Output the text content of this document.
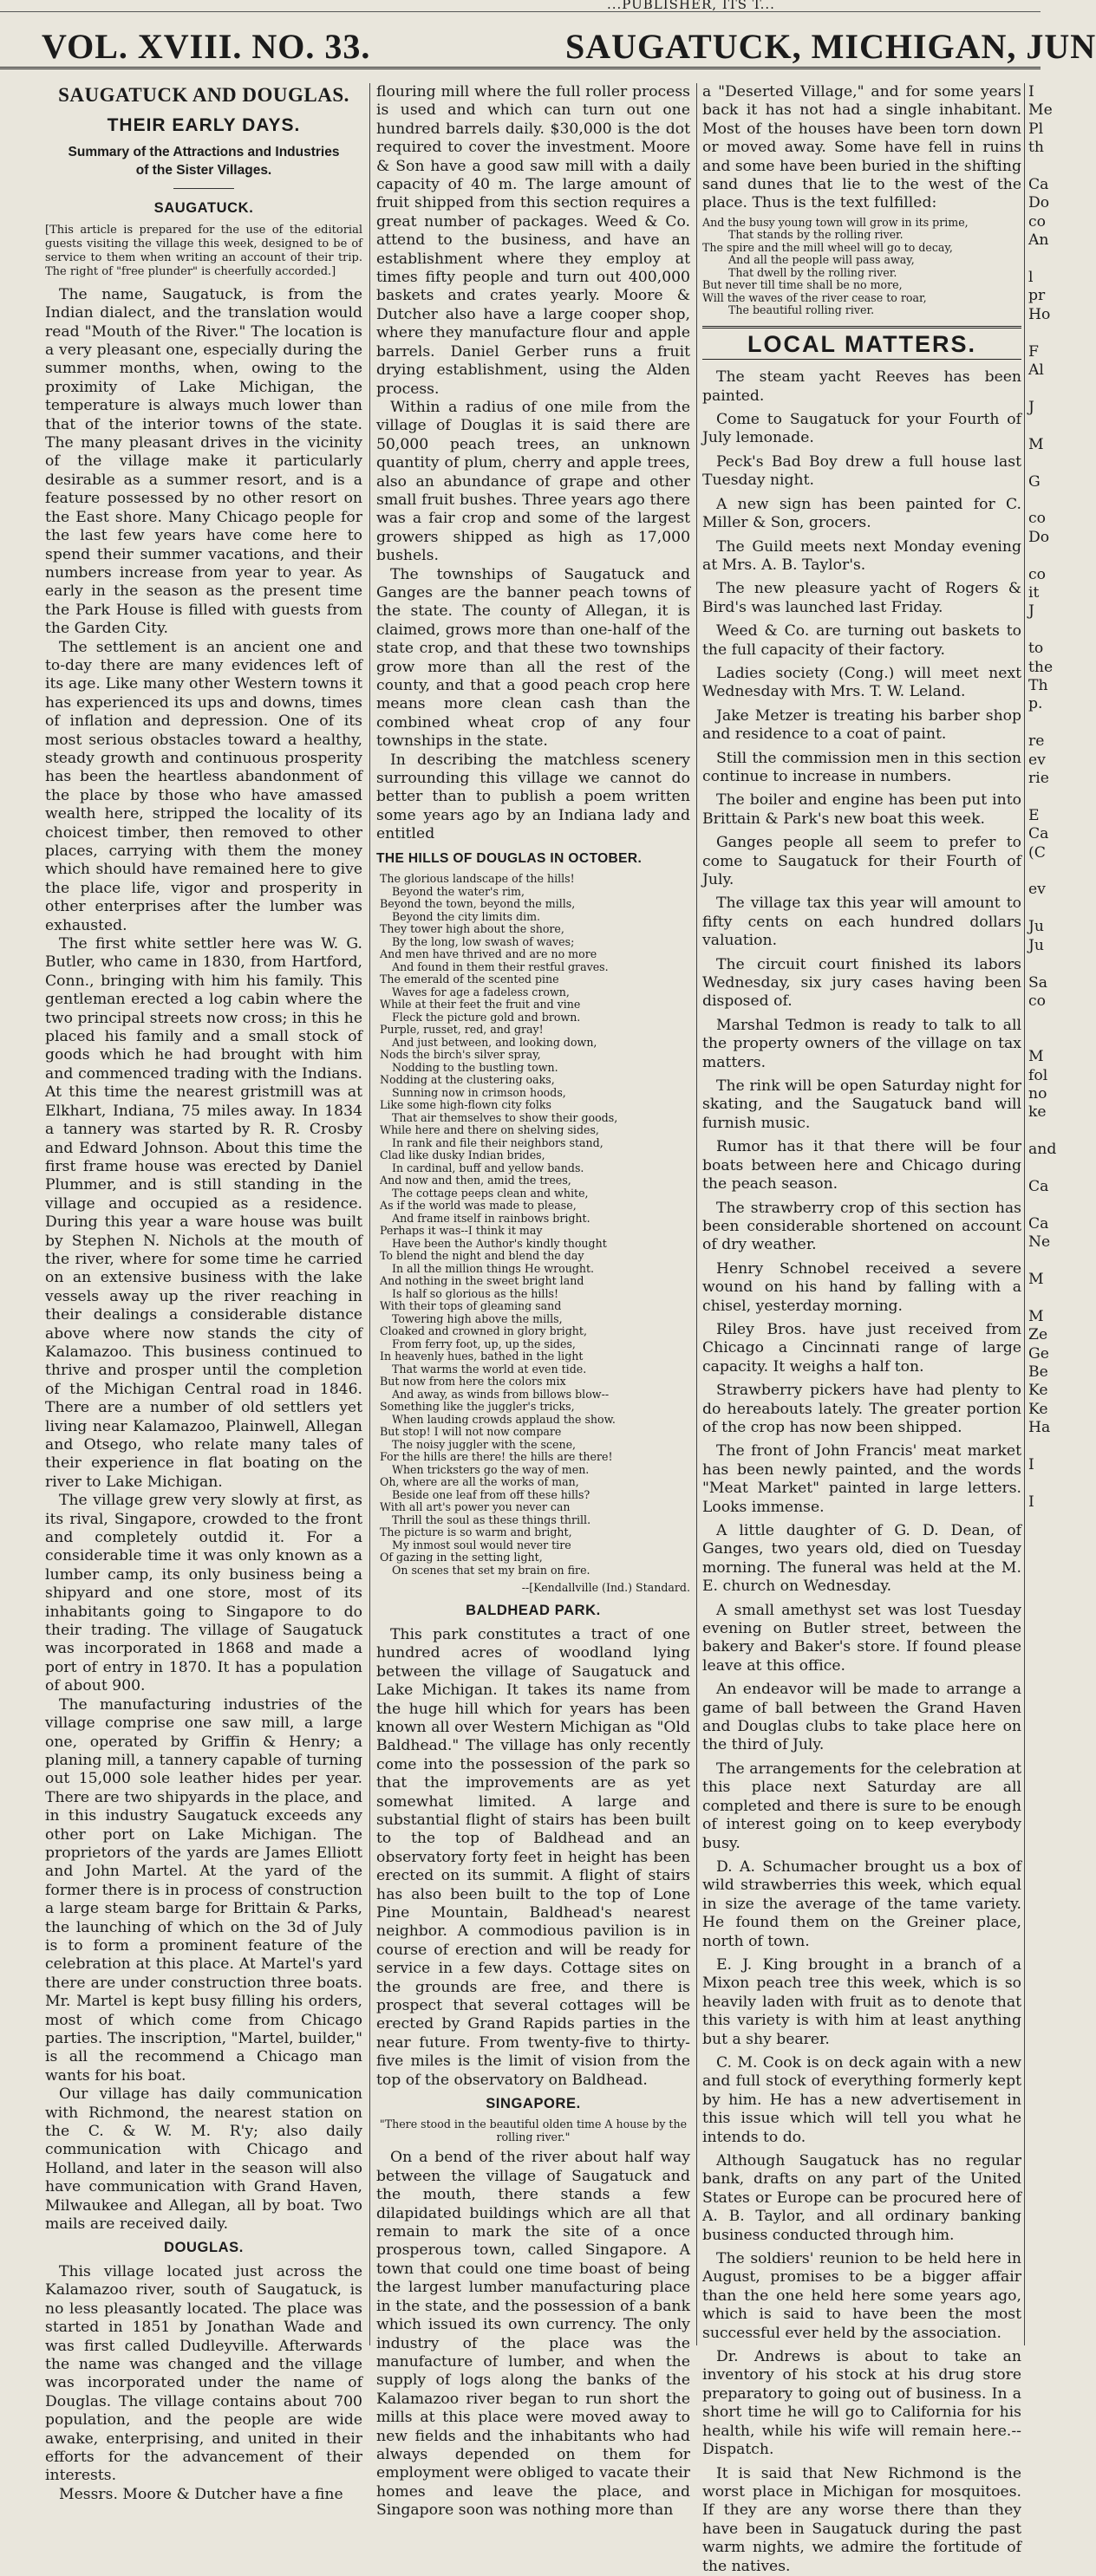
...PUBLISHER, ITS T...
VOL. XVIII. NO. 33.	SAUGATUCK, MICHIGAN, JUN
SAUGATUCK AND DOUGLAS.
THEIR EARLY DAYS.
Summary of the Attractions and Industries of the Sister Villages.
SAUGATUCK.
[This article is prepared for the use of the editorial guests visiting the village this week, designed to be of service to them when writing an account of their trip. The right of "free plunder" is cheerfully accorded.]

The name, Saugatuck, is from the Indian dialect, and the translation would read "Mouth of the River." The location is a very pleasant one, especially during the summer months, when, owing to the proximity of Lake Michigan, the temperature is always much lower than that of the interior towns of the state. The many pleasant drives in the vicinity of the village make it particularly desirable as a summer resort, and is a feature possessed by no other resort on the East shore. Many Chicago people for the last few years have come here to spend their summer vacations, and their numbers increase from year to year. As early in the season as the present time the Park House is filled with guests from the Garden City.

The settlement is an ancient one and to-day there are many evidences left of its age. Like many other Western towns it has experienced its ups and downs, times of inflation and depression. One of its most serious obstacles toward a healthy, steady growth and continuous prosperity has been the heartless abandonment of the place by those who have amassed wealth here, stripped the locality of its choicest timber, then removed to other places, carrying with them the money which should have remained here to give the place life, vigor and prosperity in other enterprises after the lumber was exhausted.

The first white settler here was W. G. Butler, who came in 1830, from Hartford, Conn., bringing with him his family. This gentleman erected a log cabin where the two principal streets now cross; in this he placed his family and a small stock of goods which he had brought with him and commenced trading with the Indians. At this time the nearest gristmill was at Elkhart, Indiana, 75 miles away. In 1834 a tannery was started by R. R. Crosby and Edward Johnson. About this time the first frame house was erected by Daniel Plummer, and is still standing in the village and occupied as a residence. During this year a ware house was built by Stephen N. Nichols at the mouth of the river, where for some time he carried on an extensive business with the lake vessels away up the river reaching in their dealings a considerable distance above where now stands the city of Kalamazoo. This business continued to thrive and prosper until the completion of the Michigan Central road in 1846. There are a number of old settlers yet living near Kalamazoo, Plainwell, Allegan and Otsego, who relate many tales of their experience in flat boating on the river to Lake Michigan.

The village grew very slowly at first, as its rival, Singapore, crowded to the front and completely outdid it. For a considerable time it was only known as a lumber camp, its only business being a shipyard and one store, most of its inhabitants going to Singapore to do their trading. The village of Saugatuck was incorporated in 1868 and made a port of entry in 1870. It has a population of about 900.

The manufacturing industries of the village comprise one saw mill, a large one, operated by Griffin & Henry; a planing mill, a tannery capable of turning out 15,000 sole leather hides per year. There are two shipyards in the place, and in this industry Saugatuck exceeds any other port on Lake Michigan. The proprietors of the yards are James Elliott and John Martel. At the yard of the former there is in process of construction a large steam barge for Brittain & Parks, the launching of which on the 3d of July is to form a prominent feature of the celebration at this place. At Martel's yard there are under construction three boats. Mr. Martel is kept busy filling his orders, most of which come from Chicago parties. The inscription, "Martel, builder," is all the recommend a Chicago man wants for his boat.

Our village has daily communication with Richmond, the nearest station on the C. & W. M. R'y; also daily communication with Chicago and Holland, and later in the season will also have communication with Grand Haven, Milwaukee and Allegan, all by boat. Two mails are received daily.

DOUGLAS.

This village located just across the Kalamazoo river, south of Saugatuck, is no less pleasantly located. The place was started in 1851 by Jonathan Wade and was first called Dudleyville. Afterwards the name was changed and the village was incorporated under the name of Douglas. The village contains about 700 population, and the people are wide awake, enterprising, and united in their efforts for the advancement of their interests.

Messrs. Moore & Dutcher have a fine

flouring mill where the full roller process is used and which can turn out one hundred barrels daily. $30,000 is the dot required to cover the investment. Moore & Son have a good saw mill with a daily capacity of 40 m. The large amount of fruit shipped from this section requires a great number of packages. Weed & Co. attend to the business, and have an establishment where they employ at times fifty people and turn out 400,000 baskets and crates yearly. Moore & Dutcher also have a large cooper shop, where they manufacture flour and apple barrels. Daniel Gerber runs a fruit drying establishment, using the Alden process.

Within a radius of one mile from the village of Douglas it is said there are 50,000 peach trees, an unknown quantity of plum, cherry and apple trees, also an abundance of grape and other small fruit bushes. Three years ago there was a fair crop and some of the largest growers shipped as high as 17,000 bushels.

The townships of Saugatuck and Ganges are the banner peach towns of the state. The county of Allegan, it is claimed, grows more than one-half of the state crop, and that these two townships grow more than all the rest of the county, and that a good peach crop here means more clean cash than the combined wheat crop of any four townships in the state.

In describing the matchless scenery surrounding this village we cannot do better than to publish a poem written some years ago by an Indiana lady and entitled

THE HILLS OF DOUGLAS IN OCTOBER.
The glorious landscape of the hills!
Beyond the water's rim,
Beyond the town, beyond the mills,
Beyond the city limits dim.
They tower high about the shore,
By the long, low swash of waves;
And men have thrived and are no more
And found in them their restful graves.
The emerald of the scented pine
Waves for age a fadeless crown,
While at their feet the fruit and vine
Fleck the picture gold and brown.
Purple, russet, red, and gray!
And just between, and looking down,
Nods the birch's silver spray,
Nodding to the bustling town.
Nodding at the clustering oaks,
Sunning now in crimson hoods,
Like some high-flown city folks
That air themselves to show their goods,
While here and there on shelving sides,
In rank and file their neighbors stand,
Clad like dusky Indian brides,
In cardinal, buff and yellow bands.
And now and then, amid the trees,
The cottage peeps clean and white,
As if the world was made to please,
And frame itself in rainbows bright.
Perhaps it was--I think it may
Have been the Author's kindly thought
To blend the night and blend the day
In all the million things He wrought.
And nothing in the sweet bright land
Is half so glorious as the hills!
With their tops of gleaming sand
Towering high above the mills,
Cloaked and crowned in glory bright,
From ferry foot, up, up the sides,
In heavenly hues, bathed in the light
That warms the world at even tide.
But now from here the colors mix
And away, as winds from billows blow--
Something like the juggler's tricks,
When lauding crowds applaud the show.
But stop! I will not now compare
The noisy juggler with the scene,
For the hills are there! the hills are there!
When tricksters go the way of men.
Oh, where are all the works of man,
Beside one leaf from off these hills?
With all art's power you never can
Thrill the soul as these things thrill.
The picture is so warm and bright,
My inmost soul would never tire
Of gazing in the setting light,
On scenes that set my brain on fire.
--[Kendallville (Ind.) Standard.
BALDHEAD PARK.

This park constitutes a tract of one hundred acres of woodland lying between the village of Saugatuck and Lake Michigan. It takes its name from the huge hill which for years has been known all over Western Michigan as "Old Baldhead." The village has only recently come into the possession of the park so that the improvements are as yet somewhat limited. A large and substantial flight of stairs has been built to the top of Baldhead and an observatory forty feet in height has been erected on its summit. A flight of stairs has also been built to the top of Lone Pine Mountain, Baldhead's nearest neighbor. A commodious pavilion is in course of erection and will be ready for service in a few days. Cottage sites on the grounds are free, and there is prospect that several cottages will be erected by Grand Rapids parties in the near future. From twenty-five to thirty-five miles is the limit of vision from the top of the observatory on Baldhead.

SINGAPORE.
"There stood in the beautiful olden time A house by the rolling river."

On a bend of the river about half way between the village of Saugatuck and the mouth, there stands a few dilapidated buildings which are all that remain to mark the site of a once prosperous town, called Singapore. A town that could one time boast of being the largest lumber manufacturing place in the state, and the possession of a bank which issued its own currency. The only industry of the place was the manufacture of lumber, and when the supply of logs along the banks of the Kalamazoo river began to run short the mills at this place were moved away to new fields and the inhabitants who had always depended on them for employment were obliged to vacate their homes and leave the place, and Singapore soon was nothing more than

a "Deserted Village," and for some years back it has not had a single inhabitant. Most of the houses have been torn down or moved away. Some have fell in ruins and some have been buried in the shifting sand dunes that lie to the west of the place. Thus is the text fulfilled:

And the busy young town will grow in its prime,
That stands by the rolling river.
The spire and the mill wheel will go to decay,
And all the people will pass away,
That dwell by the rolling river.
But never till time shall be no more,
Will the waves of the river cease to roar,
The beautiful rolling river.
LOCAL MATTERS.

The steam yacht Reeves has been painted.

Come to Saugatuck for your Fourth of July lemonade.

Peck's Bad Boy drew a full house last Tuesday night.

A new sign has been painted for C. Miller & Son, grocers.

The Guild meets next Monday evening at Mrs. A. B. Taylor's.

The new pleasure yacht of Rogers & Bird's was launched last Friday.

Weed & Co. are turning out baskets to the full capacity of their factory.

Ladies society (Cong.) will meet next Wednesday with Mrs. T. W. Leland.

Jake Metzer is treating his barber shop and residence to a coat of paint.

Still the commission men in this section continue to increase in numbers.

The boiler and engine has been put into Brittain & Park's new boat this week.

Ganges people all seem to prefer to come to Saugatuck for their Fourth of July.

The village tax this year will amount to fifty cents on each hundred dollars valuation.

The circuit court finished its labors Wednesday, six jury cases having been disposed of.

Marshal Tedmon is ready to talk to all the property owners of the village on tax matters.

The rink will be open Saturday night for skating, and the Saugatuck band will furnish music.

Rumor has it that there will be four boats between here and Chicago during the peach season.

The strawberry crop of this section has been considerable shortened on account of dry weather.

Henry Schnobel received a severe wound on his hand by falling with a chisel, yesterday morning.

Riley Bros. have just received from Chicago a Cincinnati range of large capacity. It weighs a half ton.

Strawberry pickers have had plenty to do hereabouts lately. The greater portion of the crop has now been shipped.

The front of John Francis' meat market has been newly painted, and the words "Meat Market" painted in large letters. Looks immense.

A little daughter of G. D. Dean, of Ganges, two years old, died on Tuesday morning. The funeral was held at the M. E. church on Wednesday.

A small amethyst set was lost Tuesday evening on Butler street, between the bakery and Baker's store. If found please leave at this office.

An endeavor will be made to arrange a game of ball between the Grand Haven and Douglas clubs to take place here on the third of July.

The arrangements for the celebration at this place next Saturday are all completed and there is sure to be enough of interest going on to keep everybody busy.

D. A. Schumacher brought us a box of wild strawberries this week, which equal in size the average of the tame variety. He found them on the Greiner place, north of town.

E. J. King brought in a branch of a Mixon peach tree this week, which is so heavily laden with fruit as to denote that this variety is with him at least anything but a shy bearer.

C. M. Cook is on deck again with a new and full stock of everything formerly kept by him. He has a new advertisement in this issue which will tell you what he intends to do.

Although Saugatuck has no regular bank, drafts on any part of the United States or Europe can be procured here of A. B. Taylor, and all ordinary banking business conducted through him.

The soldiers' reunion to be held here in August, promises to be a bigger affair than the one held here some years ago, which is said to have been the most successful ever held by the association.

Dr. Andrews is about to take an inventory of his stock at his drug store preparatory to going out of business. In a short time he will go to California for his health, while his wife will remain here.--Dispatch.

It is said that New Richmond is the worst place in Michigan for mosquitoes. If they are any worse there than they have been in Saugatuck during the past warm nights, we admire the fortitude of the natives.

I
Me
Pl
th

Ca
Do
co
An

l
pr
Ho

F
Al

J

M

G

co
Do

co
it
J

to
the
Th
p.

re
ev
rie

E
Ca
(C

ev

Ju
Ju

Sa
co

M
fol
no
ke

and

Ca

Ca
Ne

M

M
Ze
Ge
Be
Ke
Ke
Ha

I

I
